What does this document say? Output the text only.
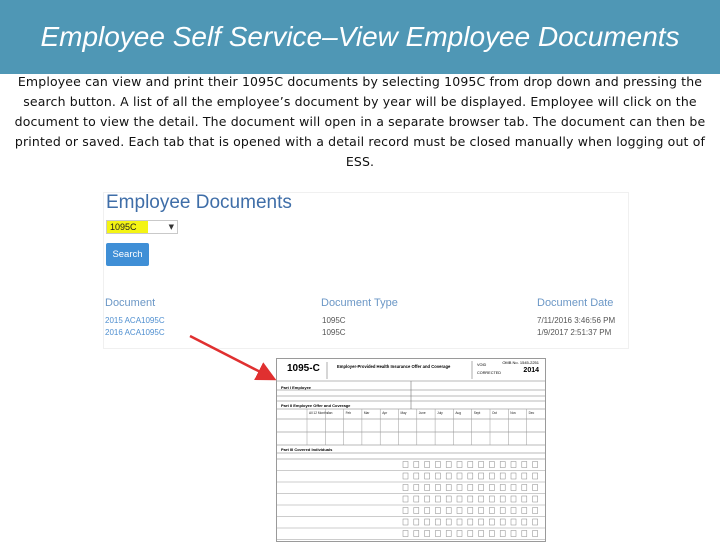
Employee Self Service–View Employee Documents
Employee can view and print their 1095C documents by selecting 1095C from drop down and pressing the search button. A list of all the employee’s document by year will be displayed. Employee will click on the document to view the detail. The document will open in a separate browser tab. The document can then be printed or saved. Each tab that is opened with a detail record must be closed manually when logging out of ESS.
Employee Documents
1095C	▼
Search
Document	Document Type	Document Date
2015 ACA1095C	1095C	7/11/2016 3:46:56 PM
2016 ACA1095C	1095C	1/9/2017 2:51:37 PM
1095-C	Employer-Provided Health Insurance Offer and Coverage	VOID
CORRECTED
OMB No. 1545-2251
2014
Part I Employee
Part II Employee Offer and Coverage
Part III Covered Individuals
All 12 Months
Jan	Feb	Mar	Apr	May	June	July	Aug	Sept	Oct	Nov	Dec
